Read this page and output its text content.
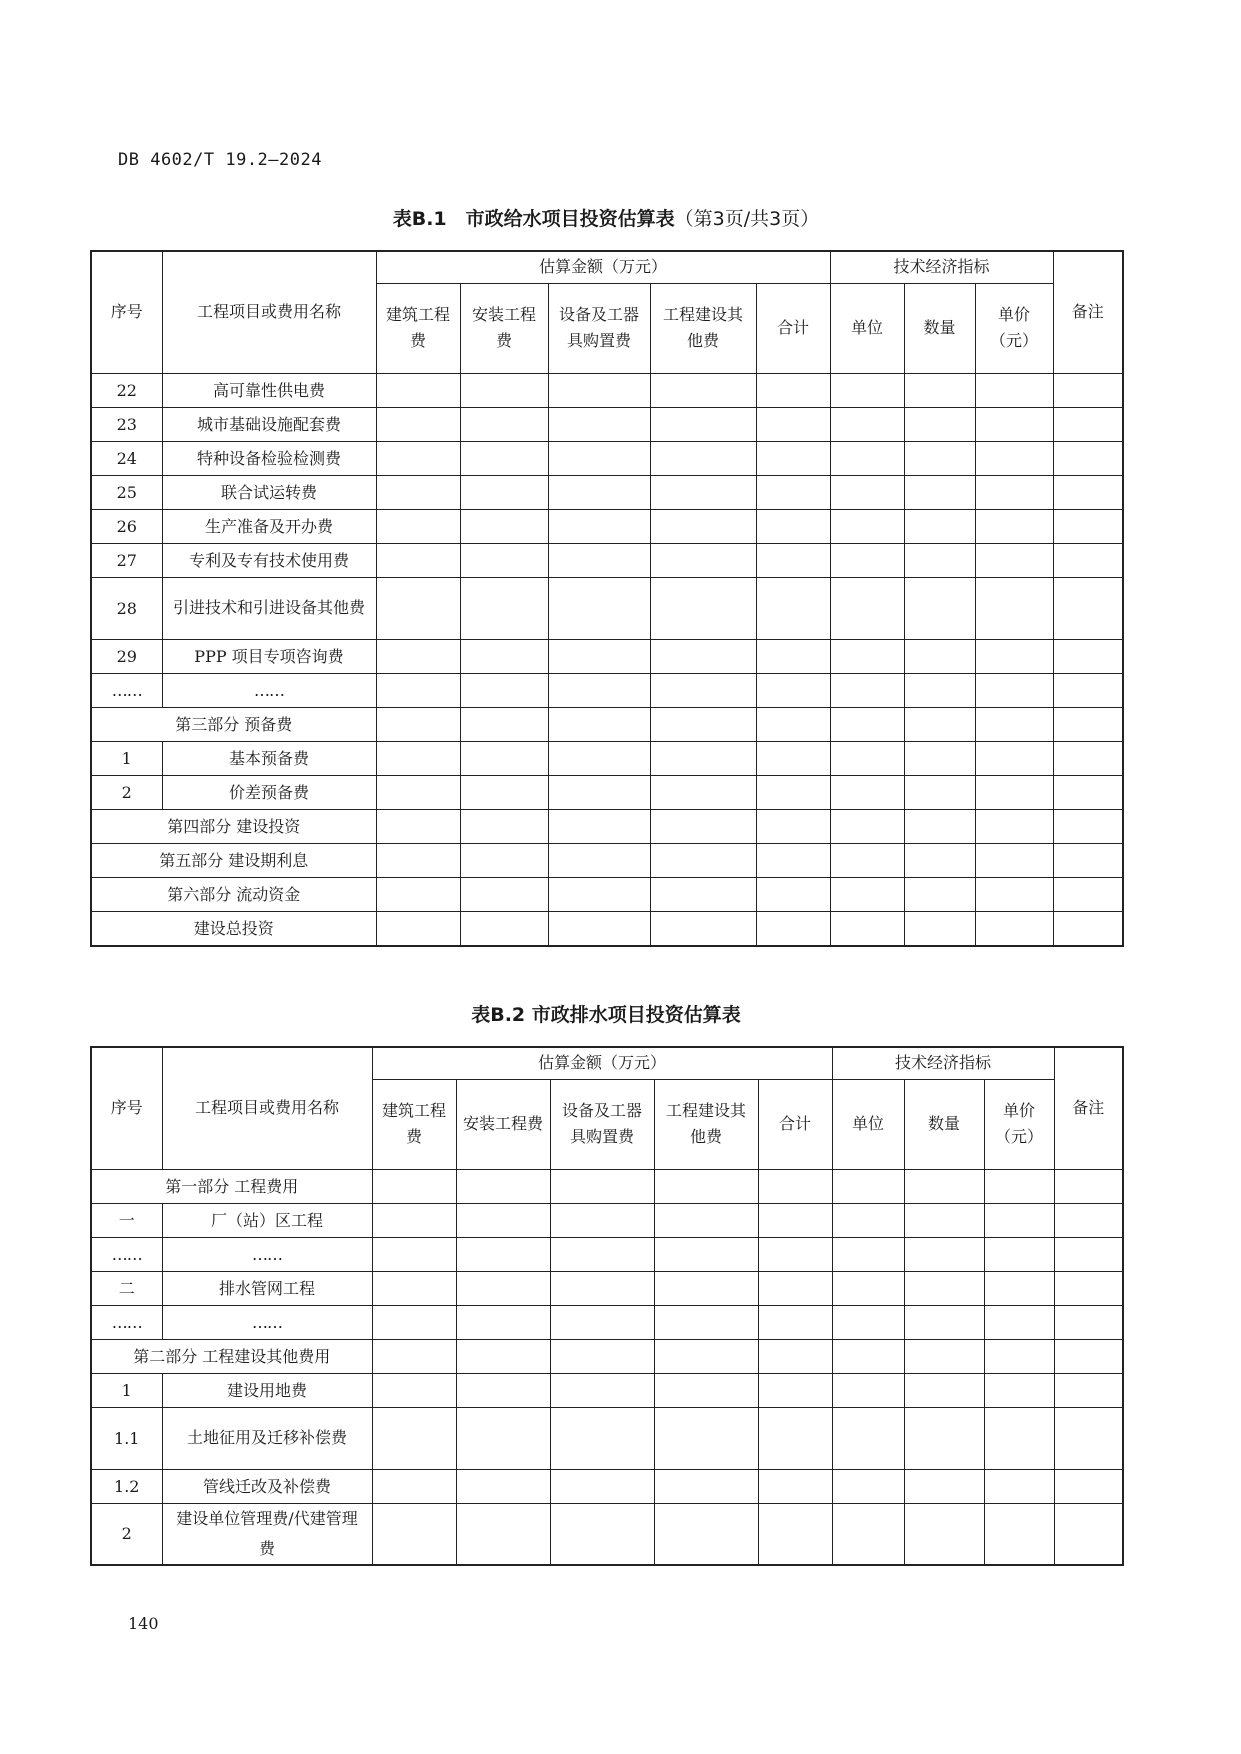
DB 4602/T 19.2—2024
表B.1　市政给水项目投资估算表（第3页/共3页）
序号	工程项目或费用名称	估算金额（万元）					技术经济指标			备注
		建筑工程费	安装工程费	设备及工器具购置费	工程建设其他费	合计	单位	数量	单价（元）	
22	高可靠性供电费									
23	城市基础设施配套费									
24	特种设备检验检测费									
25	联合试运转费									
26	生产准备及开办费									
27	专利及专有技术使用费									
28	引进技术和引进设备其他费									
29	PPP 项目专项咨询费									
……	……									
第三部分 预备费										
1	基本预备费									
2	价差预备费									
第四部分 建设投资										
第五部分 建设期利息										
第六部分 流动资金										
建设总投资										
表B.2 市政排水项目投资估算表
序号	工程项目或费用名称	估算金额（万元）					技术经济指标			备注
		建筑工程费	安装工程费	设备及工器具购置费	工程建设其他费	合计	单位	数量	单价（元）	
第一部分 工程费用										
一	厂（站）区工程									
……	……									
二	排水管网工程									
……	……									
第二部分 工程建设其他费用										
1	建设用地费									
1.1	土地征用及迁移补偿费									
1.2	管线迁改及补偿费									
2	建设单位管理费/代建管理费									
140
